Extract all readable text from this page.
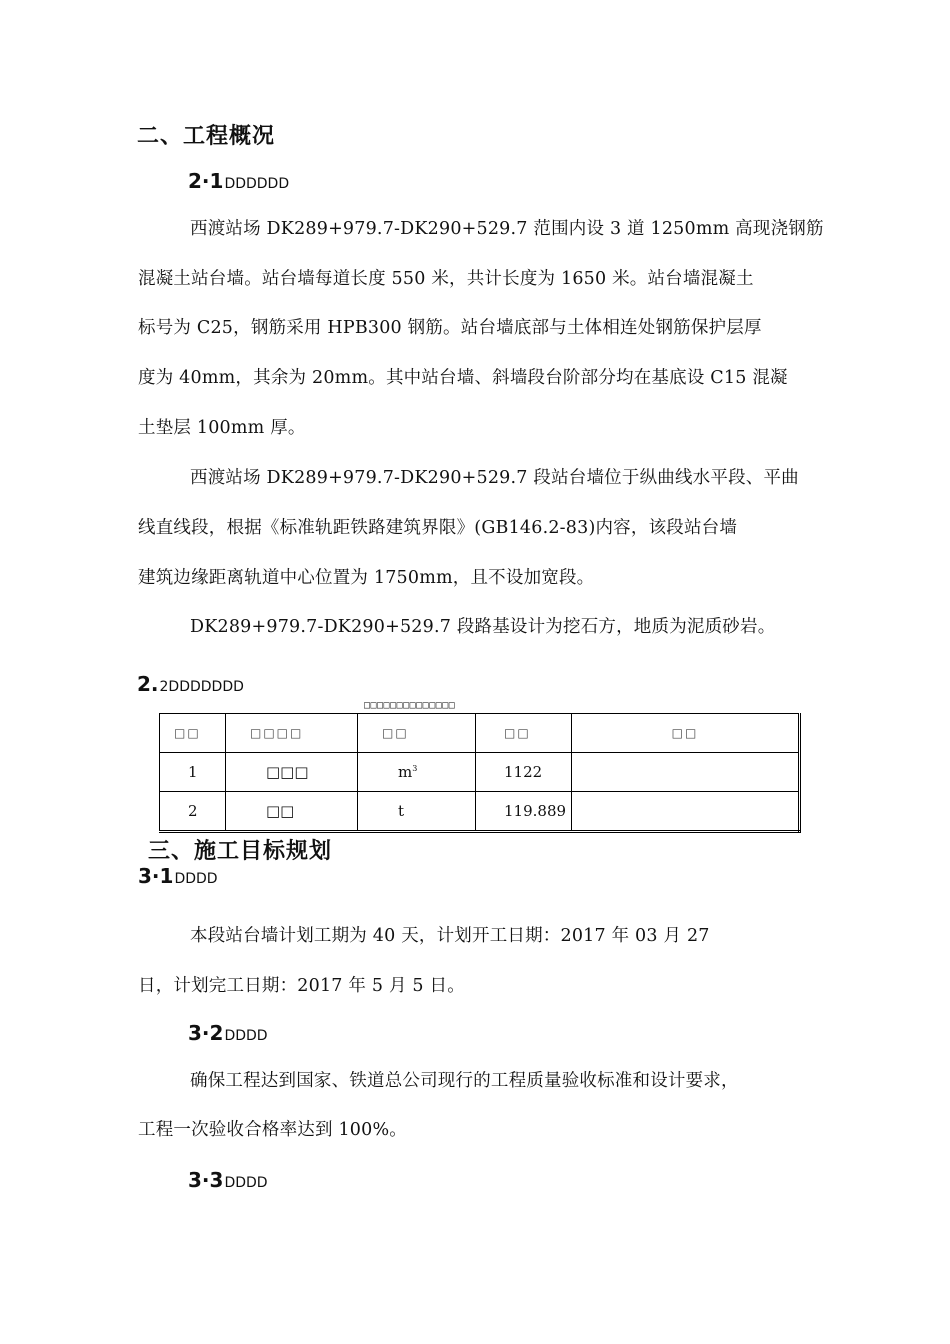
二、工程概况
2·1DDDDDD
西渡站场 DK289+979.7-DK290+529.7 范围内设 3 道 1250mm 高现浇钢筋
混凝土站台墙。站台墙每道长度 550 米，共计长度为 1650 米。站台墙混凝土
标号为 C25，钢筋采用 HPB300 钢筋。站台墙底部与土体相连处钢筋保护层厚
度为 40mm，其余为 20mm。其中站台墙、斜墙段台阶部分均在基底设 C15 混凝
土垫层 100mm 厚。
西渡站场 DK289+979.7-DK290+529.7 段站台墙位于纵曲线水平段、平曲
线直线段，根据《标准轨距铁路建筑界限》(GB146.2-83)内容，该段站台墙
建筑边缘距离轨道中心位置为 1750mm，且不设加宽段。
DK289+979.7-DK290+529.7 段路基设计为挖石方，地质为泥质砂岩。
2.2DDDDDDD
□□□□□□□□□□□□□□
□□	□□□□	□□	□□	□□
1	□□□	$m^3$	1122	
2	□□	t	119.889	
三、施工目标规划
3·1DDDD
本段站台墙计划工期为 40 天，计划开工日期：2017 年 03 月 27
日，计划完工日期：2017 年 5 月 5 日。
3·2DDDD
确保工程达到国家、铁道总公司现行的工程质量验收标准和设计要求，
工程一次验收合格率达到 100%。
3·3DDDD
